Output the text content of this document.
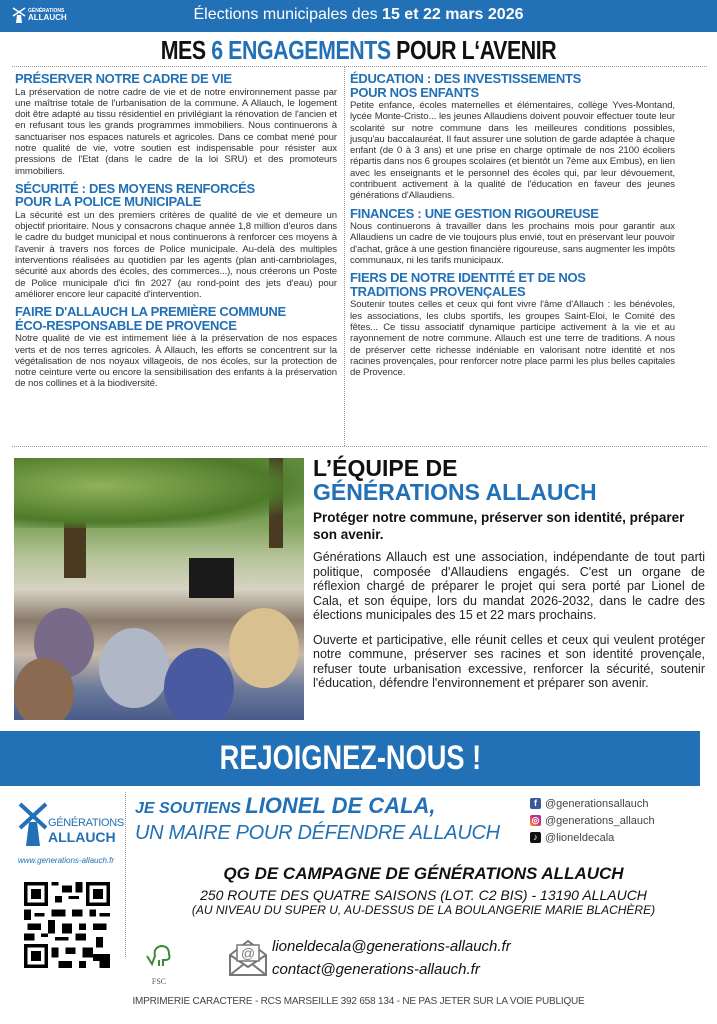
GÉNÉRATIONS
ALLAUCH	Élections municipales des 15 et 22 mars 2026
MES 6 ENGAGEMENTS POUR L‘AVENIR
PRÉSERVER NOTRE CADRE DE VIE

La préservation de notre cadre de vie et de notre environnement passe par une maîtrise totale de l'urbanisation de la commune. A Allauch, le logement doit être adapté au tissu résidentiel en privilégiant la rénovation de l'ancien et en refusant tous les grands programmes immobiliers. Nous continuerons à sanctuariser nos espaces naturels et agricoles. Dans ce combat mené pour notre qualité de vie, votre soutien est indispensable pour résister aux pressions de l'Etat (dans le cadre de la loi SRU) et des promoteurs immobiliers.

SÉCURITÉ : DES MOYENS RENFORCÉS POUR LA POLICE MUNICIPALE

La sécurité est un des premiers critères de qualité de vie et demeure un objectif prioritaire. Nous y consacrons chaque année 1,8 million d'euros dans le cadre du budget municipal et nous continuerons à renforcer ces moyens à l'avenir à travers nos forces de Police municipale. Au-delà des multiples interventions réalisées au quotidien par les agents (plan anti-cambriolages, sécurité aux abords des écoles, des commerces...), nous créerons un Poste de Police municipale d'ici fin 2027 (au rond-point des jets d'eau) pour améliorer encore leur capacité d'intervention.

FAIRE D'ALLAUCH LA PREMIÈRE COMMUNE ÉCO-RESPONSABLE DE PROVENCE

Notre qualité de vie est intimement liée à la préservation de nos espaces verts et de nos terres agricoles. À Allauch, les efforts se concentrent sur la végétalisation de nos noyaux villageois, de nos écoles, sur la protection de notre ceinture verte ou encore la sensibilisation des enfants à la préservation de nos collines et à la biodiversité.

ÉDUCATION : DES INVESTISSEMENTS POUR NOS ENFANTS

Petite enfance, écoles maternelles et élémentaires, collège Yves-Montand, lycée Monte-Cristo... les jeunes Allaudiens doivent pouvoir effectuer toute leur scolarité sur notre commune dans les meilleures conditions possibles, jusqu'au baccalauréat. Il faut assurer une solution de garde adaptée à chaque enfant (de 0 à 3 ans) et une prise en charge optimale de nos 2100 écoliers répartis dans nos 6 groupes scolaires (et bientôt un 7ème aux Embus), en lien avec les enseignants et le personnel des écoles qui, par leur dévouement, contribuent activement à la qualité de l'éducation en faveur des jeunes générations d'Allaudiens.

FINANCES : UNE GESTION RIGOUREUSE

Nous continuerons à travailler dans les prochains mois pour garantir aux Allaudiens un cadre de vie toujours plus envié, tout en préservant leur pouvoir d'achat, grâce à une gestion financière rigoureuse, sans augmenter les impôts communaux, ni les tarifs municipaux.

FIERS DE NOTRE IDENTITÉ ET DE NOS TRADITIONS PROVENÇALES

Soutenir toutes celles et ceux qui font vivre l'âme d'Allauch : les bénévoles, les associations, les clubs sportifs, les groupes Saint-Eloi, le Comité des fêtes... Ce tissu associatif dynamique participe activement à la vie et au rayonnement de notre commune. Allauch est une terre de traditions. A nous de préserver cette richesse indéniable en valorisant notre identité et nos racines provençales, pour renforcer notre place parmi les plus belles capitales de Provence.

L’ÉQUIPE DE
GÉNÉRATIONS ALLAUCH
Protéger notre commune, préserver son identité, préparer son avenir.

Générations Allauch est une association, indépendante de tout parti politique, composée d'Allaudiens engagés. C'est un organe de réflexion chargé de préparer le projet qui sera porté par Lionel de Cala, et son équipe, lors du mandat 2026-2032, dans le cadre des élections municipales des 15 et 22 mars prochains.

Ouverte et participative, elle réunit celles et ceux qui veulent protéger notre commune, préserver ses racines et son identité provençale, refuser toute urbanisation excessive, renforcer la sécurité, soutenir l'éducation, défendre l'environnement et préparer son avenir.

REJOIGNEZ-NOUS !
GÉNÉRATIONS
ALLAUCH
www.generations-allauch.fr
JE SOUTIENS LIONEL DE CALA,
UN MAIRE POUR DÉFENDRE ALLAUCH
f @generationsallauch
◎ @generations_allauch
♪ @lioneldecala
QG DE CAMPAGNE DE GÉNÉRATIONS ALLAUCH
250 ROUTE DES QUATRE SAISONS (LOT. C2 BIS) - 13190 ALLAUCH
(AU NIVEAU DU SUPER U, AU-DESSUS DE LA BOULANGERIE MARIE BLACHÈRE)
FSC
@ lioneldecala@generations-allauch.fr
contact@generations-allauch.fr
IMPRIMERIE CARACTERE - RCS MARSEILLE 392 658 134 - NE PAS JETER SUR LA VOIE PUBLIQUE
